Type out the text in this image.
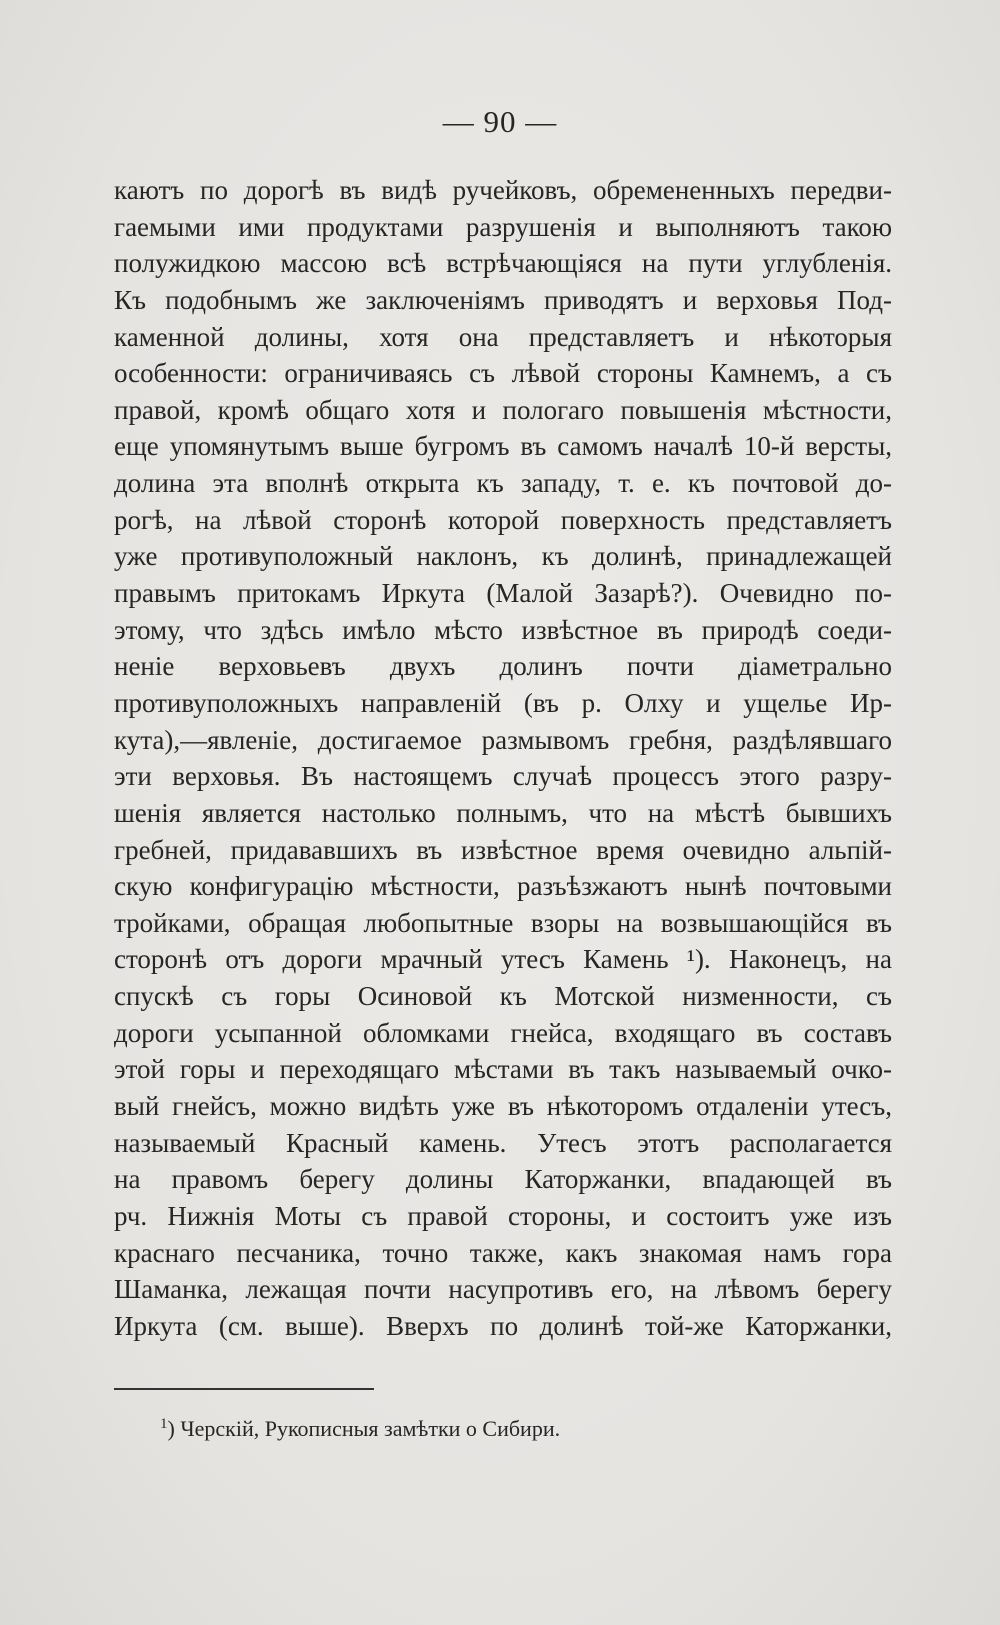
— 90 —
каютъ по дорогѣ въ видѣ ручейковъ, обремененныхъ передви-
гаемыми ими продуктами разрушенія и выполняютъ такою
полужидкою массою всѣ встрѣчающіяся на пути углубленія.
Къ подобнымъ же заключеніямъ приводятъ и верховья Под-
каменной долины, хотя она представляетъ и нѣкоторыя
особенности: ограничиваясь съ лѣвой стороны Камнемъ, а съ
правой, кромѣ общаго хотя и пологаго повышенія мѣстности,
еще упомянутымъ выше бугромъ въ самомъ началѣ 10-й версты,
долина эта вполнѣ открыта къ западу, т. е. къ почтовой до-
рогѣ, на лѣвой сторонѣ которой поверхность представляетъ
уже противуположный наклонъ, къ долинѣ, принадлежащей
правымъ притокамъ Иркута (Малой Зазарѣ?). Очевидно по-
этому, что здѣсь имѣло мѣсто извѣстное въ природѣ соеди-
неніе верховьевъ двухъ долинъ почти діаметрально
противуположныхъ направленій (въ р. Олху и ущелье Ир-
кута),—явленіе, достигаемое размывомъ гребня, раздѣлявшаго
эти верховья. Въ настоящемъ случаѣ процессъ этого разру-
шенія является настолько полнымъ, что на мѣстѣ бывшихъ
гребней, придававшихъ въ извѣстное время очевидно альпій-
скую конфигурацію мѣстности, разъѣзжаютъ нынѣ почтовыми
тройками, обращая любопытные взоры на возвышающійся въ
сторонѣ отъ дороги мрачный утесъ Камень ¹). Наконецъ, на
спускѣ съ горы Осиновой къ Мотской низменности, съ
дороги усыпанной обломками гнейса, входящаго въ составъ
этой горы и переходящаго мѣстами въ такъ называемый очко-
вый гнейсъ, можно видѣть уже въ нѣкоторомъ отдаленіи утесъ,
называемый Красный камень. Утесъ этотъ располагается
на правомъ берегу долины Каторжанки, впадающей въ
рч. Нижнія Моты съ правой стороны, и состоитъ уже изъ
краснаго песчаника, точно также, какъ знакомая намъ гора
Шаманка, лежащая почти насупротивъ его, на лѣвомъ берегу
Иркута (см. выше). Вверхъ по долинѣ той-же Каторжанки,
$^1$) Черскій, Рукописныя замѣтки о Сибири.
